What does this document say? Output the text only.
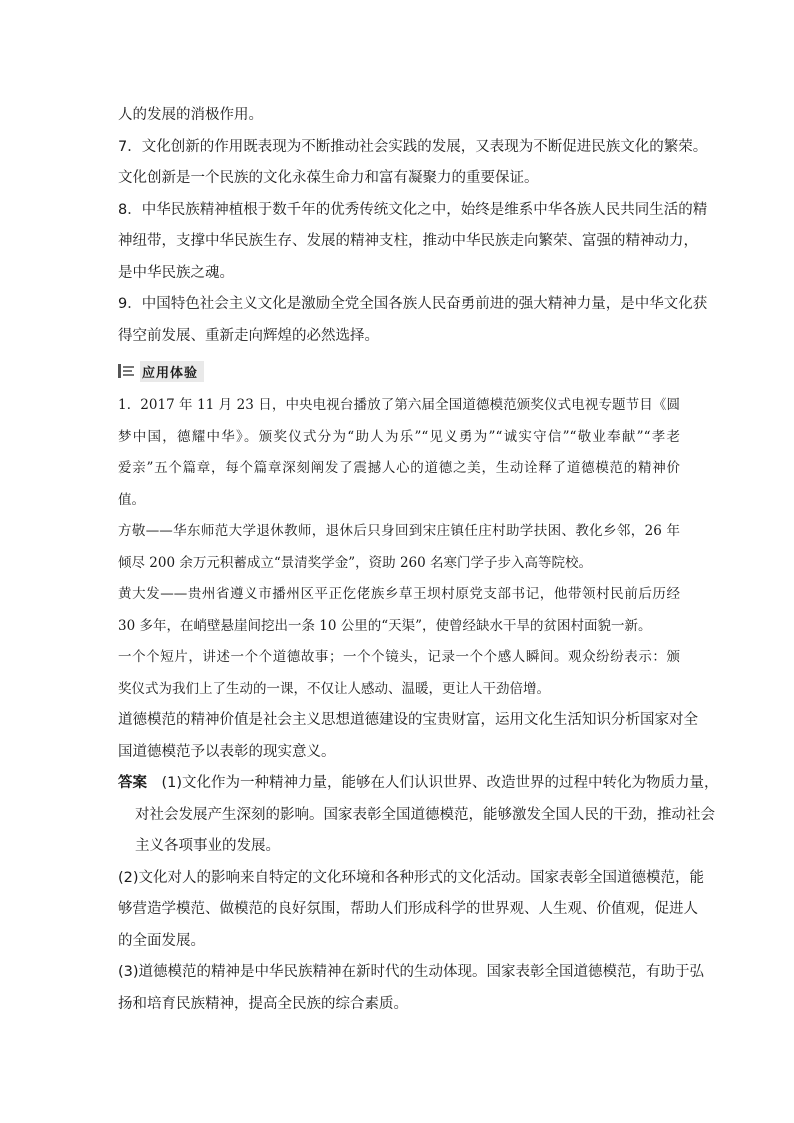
人的发展的消极作用。
7．文化创新的作用既表现为不断推动社会实践的发展，又表现为不断促进民族文化的繁荣。
文化创新是一个民族的文化永葆生命力和富有凝聚力的重要保证。
8．中华民族精神植根于数千年的优秀传统文化之中，始终是维系中华各族人民共同生活的精
神纽带，支撑中华民族生存、发展的精神支柱，推动中华民族走向繁荣、富强的精神动力，
是中华民族之魂。
9．中国特色社会主义文化是激励全党全国各族人民奋勇前进的强大精神力量，是中华文化获
得空前发展、重新走向辉煌的必然选择。
应用体验
1．2017 年 11 月 23 日，中央电视台播放了第六届全国道德模范颁奖仪式电视专题节目《圆
梦中国，德耀中华》。颁奖仪式分为“助人为乐”“见义勇为”“诚实守信”“敬业奉献”“孝老
爱亲”五个篇章，每个篇章深刻阐发了震撼人心的道德之美，生动诠释了道德模范的精神价
值。
方敬——华东师范大学退休教师，退休后只身回到宋庄镇任庄村助学扶困、教化乡邻，26 年
倾尽 200 余万元积蓄成立“景清奖学金”，资助 260 名寒门学子步入高等院校。
黄大发——贵州省遵义市播州区平正仡佬族乡草王坝村原党支部书记，他带领村民前后历经
30 多年，在峭壁悬崖间挖出一条 10 公里的“天渠”，使曾经缺水干旱的贫困村面貌一新。
一个个短片，讲述一个个道德故事；一个个镜头，记录一个个感人瞬间。观众纷纷表示：颁
奖仪式为我们上了生动的一课，不仅让人感动、温暖，更让人干劲倍增。
道德模范的精神价值是社会主义思想道德建设的宝贵财富，运用文化生活知识分析国家对全
国道德模范予以表彰的现实意义。
答案　 (1)文化作为一种精神力量，能够在人们认识世界、改造世界的过程中转化为物质力量，
对社会发展产生深刻的影响。国家表彰全国道德模范，能够激发全国人民的干劲，推动社会
主义各项事业的发展。
(2)文化对人的影响来自特定的文化环境和各种形式的文化活动。国家表彰全国道德模范，能
够营造学模范、做模范的良好氛围，帮助人们形成科学的世界观、人生观、价值观，促进人
的全面发展。
(3)道德模范的精神是中华民族精神在新时代的生动体现。国家表彰全国道德模范，有助于弘
扬和培育民族精神，提高全民族的综合素质。
